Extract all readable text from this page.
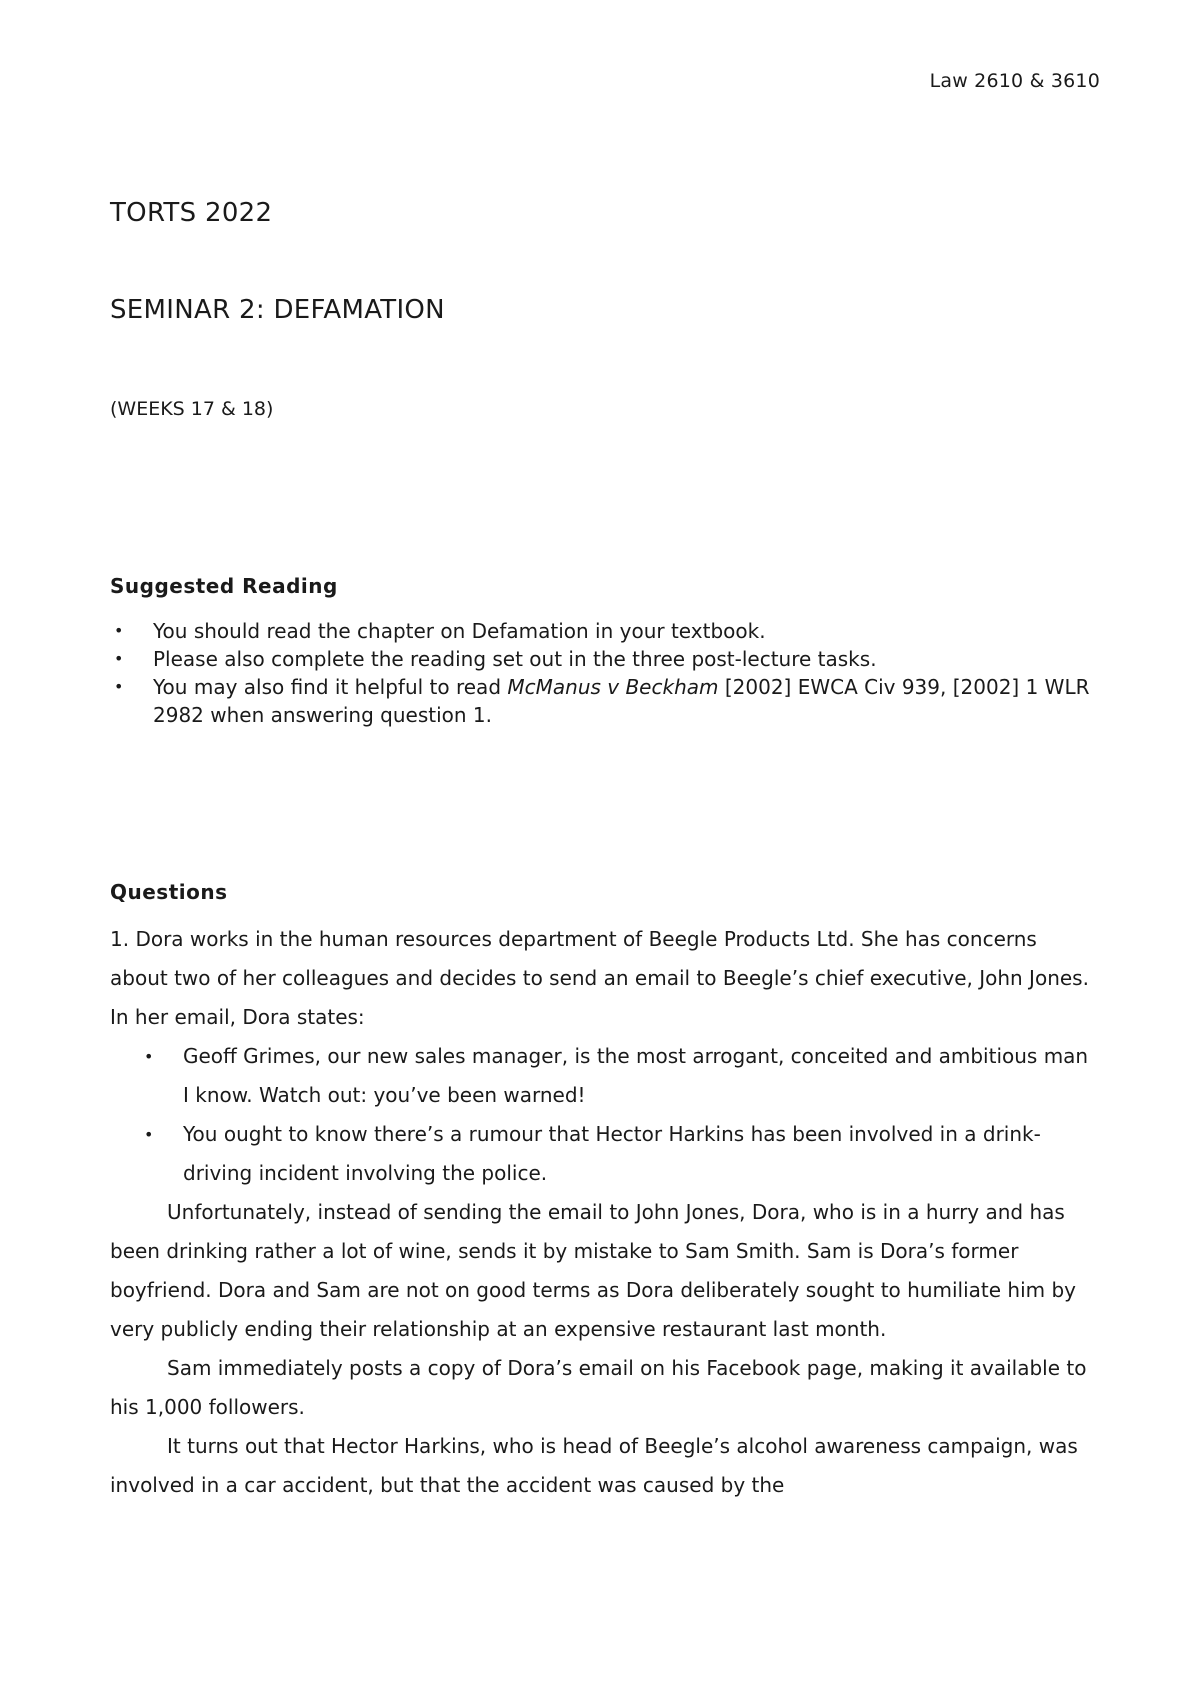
Law 2610 & 3610
TORTS 2022
SEMINAR 2: DEFAMATION
(WEEKS 17 & 18)
Suggested Reading
• You should read the chapter on Defamation in your textbook.
• Please also complete the reading set out in the three post-lecture tasks.
• You may also find it helpful to read McManus v Beckham [2002] EWCA Civ 939, [2002] 1 WLR 2982 when answering question 1.
Questions

1. Dora works in the human resources department of Beegle Products Ltd. She has concerns about two of her colleagues and decides to send an email to Beegle’s chief executive, John Jones. In her email, Dora states:

• Geoff Grimes, our new sales manager, is the most arrogant, conceited and ambitious man I know. Watch out: you’ve been warned!
• You ought to know there’s a rumour that Hector Harkins has been involved in a drink-driving incident involving the police.

Unfortunately, instead of sending the email to John Jones, Dora, who is in a hurry and has been drinking rather a lot of wine, sends it by mistake to Sam Smith. Sam is Dora’s former boyfriend. Dora and Sam are not on good terms as Dora deliberately sought to humiliate him by very publicly ending their relationship at an expensive restaurant last month.

Sam immediately posts a copy of Dora’s email on his Facebook page, making it available to his 1,000 followers.

It turns out that Hector Harkins, who is head of Beegle’s alcohol awareness campaign, was involved in a car accident, but that the accident was caused by the
